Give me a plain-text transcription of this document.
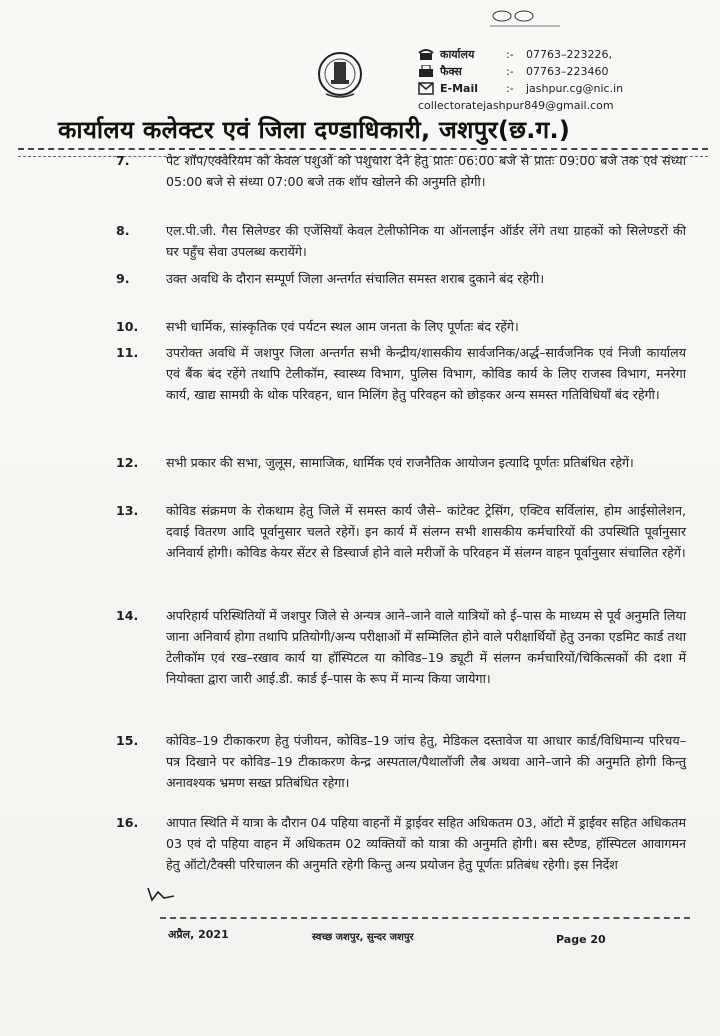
कार्यालय	:-	07763–223226,
फैक्स	:-	07763–223460
E-Mail	:-	jashpur.cg@nic.in
collectoratejashpur849@gmail.com
कार्यालय कलेक्टर एवं जिला दण्डाधिकारी, जशपुर(छ.ग.)
7.	पेट शॉप/एक्वेरियम को केवल पशुओं को पशुचारा देने हेतु प्रातः 06:00 बजे से प्रातः 09:00 बजे तक एवं संध्या 05:00 बजे से संध्या 07:00 बजे तक शॉप खोलने की अनुमति होगी।
8.	एल.पी.जी. गैस सिलेण्डर की एजेंसियाँ केवल टेलीफोनिक या ऑनलाईन ऑर्डर लेंगे तथा ग्राहकों को सिलेण्डरों की घर पहुँच सेवा उपलब्ध करायेंगे।
9.	उक्त अवधि के दौरान सम्पूर्ण जिला अन्तर्गत संचालित समस्त शराब दुकाने बंद रहेगी।
10.	सभी धार्मिक, सांस्कृतिक एवं पर्यटन स्थल आम जनता के लिए पूर्णतः बंद रहेंगे।
11.	उपरोक्त अवधि में जशपुर जिला अन्तर्गत सभी केन्द्रीय/शासकीय सार्वजनिक/अर्द्ध–सार्वजनिक एवं निजी कार्यालय एवं बैंक बंद रहेंगे तथापि टेलीकॉम, स्वास्थ्य विभाग, पुलिस विभाग, कोविड कार्य के लिए राजस्व विभाग, मनरेगा कार्य, खाद्य सामग्री के थोक परिवहन, धान मिलिंग हेतु परिवहन को छोड़कर अन्य समस्त गतिविधियाँ बंद रहेगी।
12.	सभी प्रकार की सभा, जुलूस, सामाजिक, धार्मिक एवं राजनैतिक आयोजन इत्यादि पूर्णतः प्रतिबंधित रहेगें।
13.	कोविड संक्रमण के रोकथाम हेतु जिले में समस्त कार्य जैसे– कांटेक्ट ट्रेसिंग, एक्टिव सर्विलांस, होम आईसोलेशन, दवाई वितरण आदि पूर्वानुसार चलते रहेगें। इन कार्य में संलग्न सभी शासकीय कर्मचारियों की उपस्थिति पूर्वानुसार अनिवार्य होगी। कोविड केयर सेंटर से डिस्चार्ज होने वाले मरीजों के परिवहन में संलग्न वाहन पूर्वानुसार संचालित रहेगें।
14.	अपरिहार्य परिस्थितियों में जशपुर जिले से अन्यत्र आने–जाने वाले यात्रियों को ई–पास के माध्यम से पूर्व अनुमति लिया जाना अनिवार्य होगा तथापि प्रतियोगी/अन्य परीक्षाओं में सम्मिलित होने वाले परीक्षार्थियों हेतु उनका एडमिट कार्ड तथा टेलीकॉम एवं रख–रखाव कार्य या हॉस्पिटल या कोविड–19 ड्यूटी में संलग्न कर्मचारियों/चिकित्सकों की दशा में नियोक्ता द्वारा जारी आई.डी. कार्ड ई–पास के रूप में मान्य किया जायेगा।
15.	कोविड–19 टीकाकरण हेतु पंजीयन, कोविड–19 जांच हेतु, मेडिकल दस्तावेज या आधार कार्ड/विधिमान्य परिचय–पत्र दिखाने पर कोविड–19 टीकाकरण केन्द्र अस्पताल/पैथालॉजी लैब अथवा आने–जाने की अनुमति होगी किन्तु अनावश्यक भ्रमण सख्त प्रतिबंधित रहेगा।
16.	आपात स्थिति में यात्रा के दौरान 04 पहिया वाहनों में ड्राईवर सहित अधिकतम 03, ऑटो में ड्राईवर सहित अधिकतम 03 एवं दो पहिया वाहन में अधिकतम 02 व्यक्तियों को यात्रा की अनुमति होगी। बस स्टैण्ड, हॉस्पिटल आवागमन हेतु ऑटो/टैक्सी परिचालन की अनुमति रहेगी किन्तु अन्य प्रयोजन हेतु पूर्णतः प्रतिबंध रहेगी। इस निर्देश
अप्रैल, 2021	स्वच्छ जशपुर, सुन्दर जशपुर	Page 20
